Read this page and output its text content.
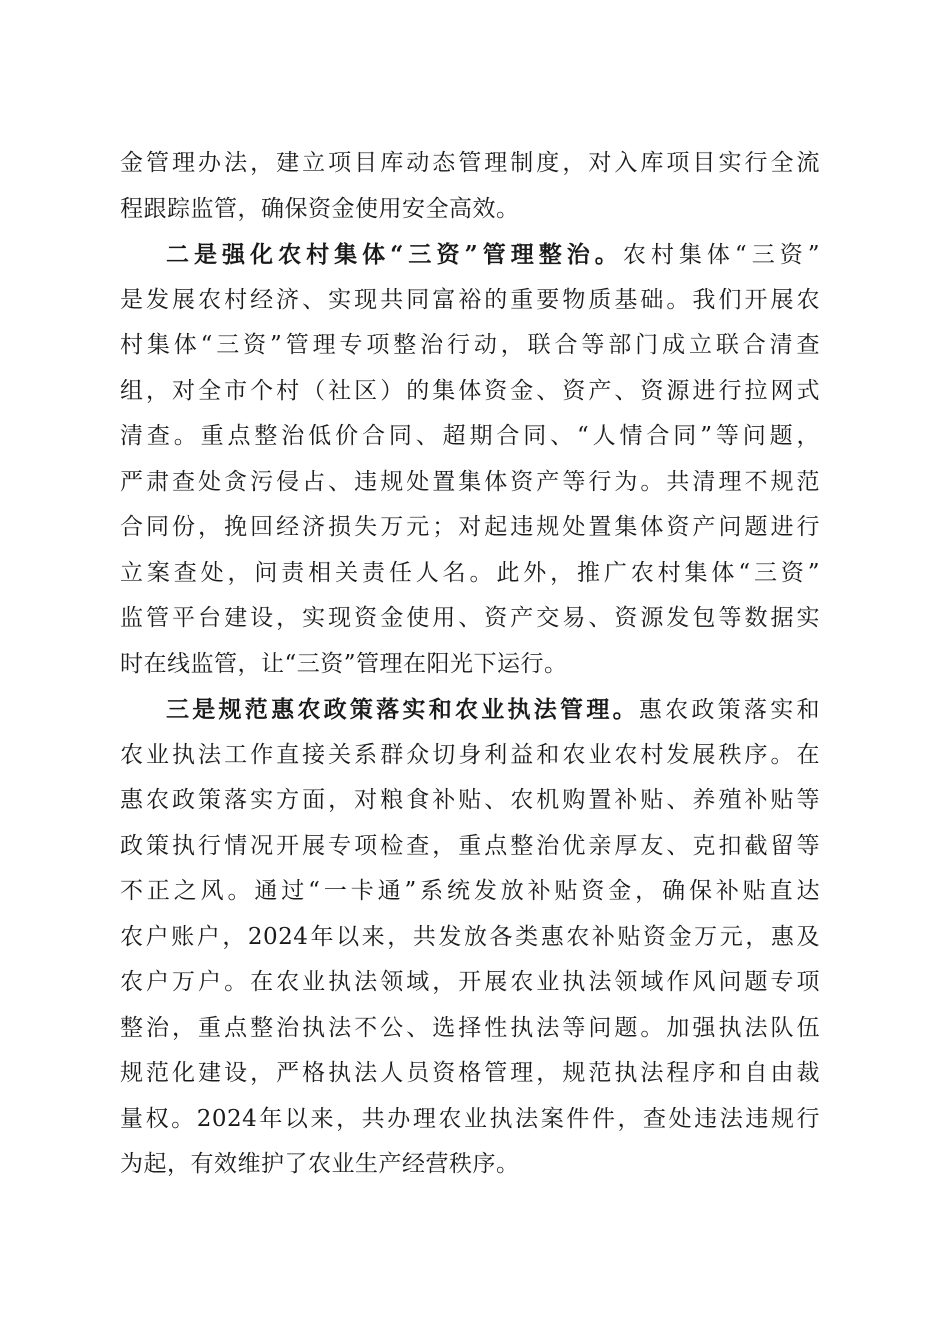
金管理办法，建立项目库动态管理制度，对入库项目实行全流
程跟踪监管，确保资金使用安全高效。
二是强化农村集体“三资”管理整治。农村集体“三资”
是发展农村经济、实现共同富裕的重要物质基础。我们开展农
村集体“三资”管理专项整治行动，联合等部门成立联合清查
组，对全市个村（社区）的集体资金、资产、资源进行拉网式
清查。重点整治低价合同、超期合同、“人情合同”等问题，
严肃查处贪污侵占、违规处置集体资产等行为。共清理不规范
合同份，挽回经济损失万元；对起违规处置集体资产问题进行
立案查处，问责相关责任人名。此外，推广农村集体“三资”
监管平台建设，实现资金使用、资产交易、资源发包等数据实
时在线监管，让“三资”管理在阳光下运行。
三是规范惠农政策落实和农业执法管理。惠农政策落实和
农业执法工作直接关系群众切身利益和农业农村发展秩序。在
惠农政策落实方面，对粮食补贴、农机购置补贴、养殖补贴等
政策执行情况开展专项检查，重点整治优亲厚友、克扣截留等
不正之风。通过“一卡通”系统发放补贴资金，确保补贴直达
农户账户，2024年以来，共发放各类惠农补贴资金万元，惠及
农户万户。在农业执法领域，开展农业执法领域作风问题专项
整治，重点整治执法不公、选择性执法等问题。加强执法队伍
规范化建设，严格执法人员资格管理，规范执法程序和自由裁
量权。2024年以来，共办理农业执法案件件，查处违法违规行
为起，有效维护了农业生产经营秩序。
